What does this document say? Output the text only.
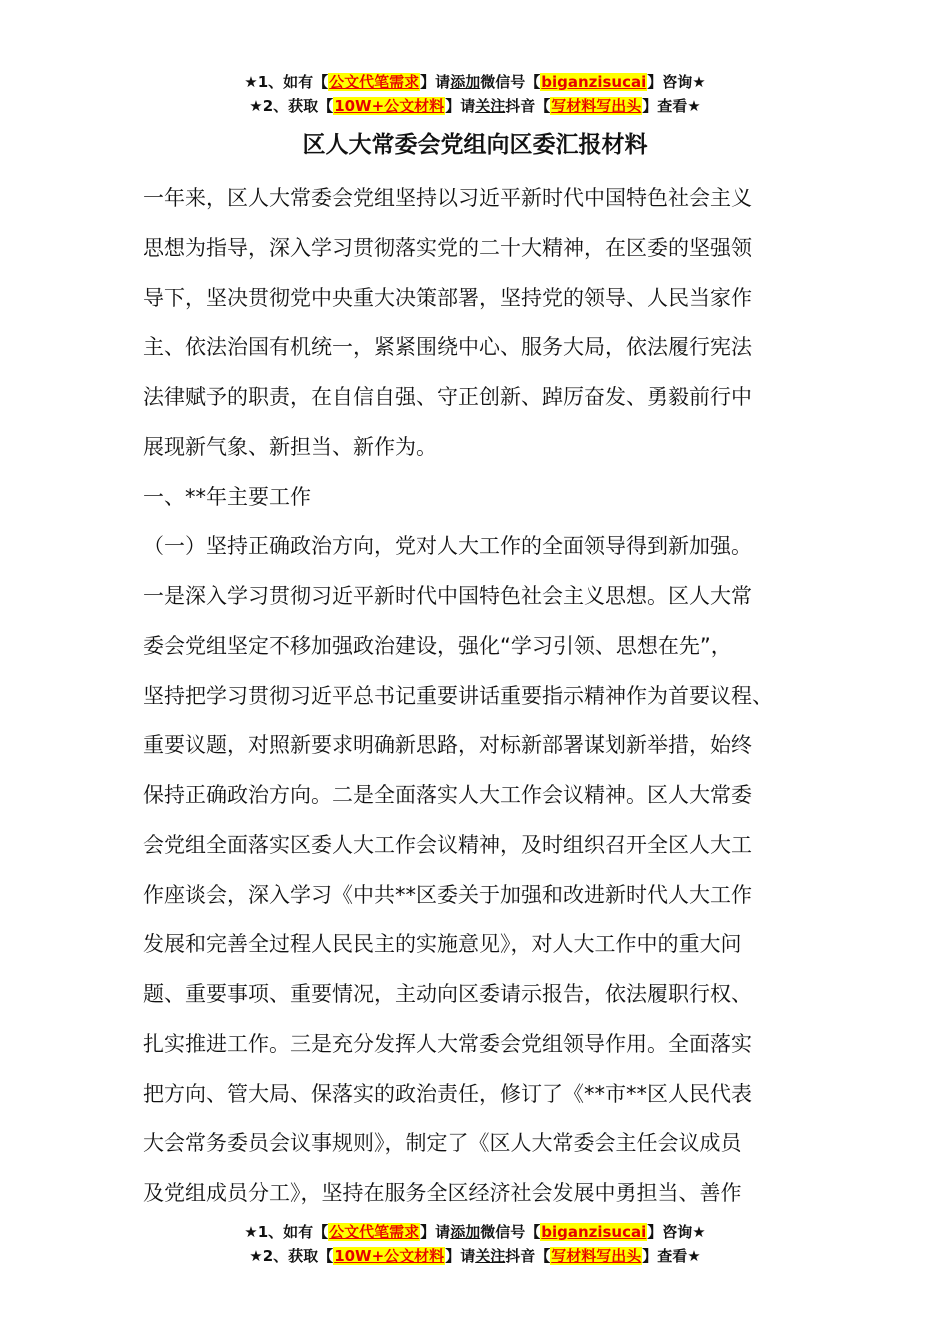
★1、如有【公文代笔需求】请添加微信号【biganzisucai】咨询★
★2、获取【10W+公文材料】请关注抖音【写材料写出头】查看★
区人大常委会党组向区委汇报材料
一年来，区人大常委会党组坚持以习近平新时代中国特色社会主义
思想为指导，深入学习贯彻落实党的二十大精神，在区委的坚强领
导下，坚决贯彻党中央重大决策部署，坚持党的领导、人民当家作
主、依法治国有机统一，紧紧围绕中心、服务大局，依法履行宪法
法律赋予的职责，在自信自强、守正创新、踔厉奋发、勇毅前行中
展现新气象、新担当、新作为。
一、**年主要工作
（一）坚持正确政治方向，党对人大工作的全面领导得到新加强。
一是深入学习贯彻习近平新时代中国特色社会主义思想。区人大常
委会党组坚定不移加强政治建设，强化“学习引领、思想在先”，
坚持把学习贯彻习近平总书记重要讲话重要指示精神作为首要议程、
重要议题，对照新要求明确新思路，对标新部署谋划新举措，始终
保持正确政治方向。二是全面落实人大工作会议精神。区人大常委
会党组全面落实区委人大工作会议精神，及时组织召开全区人大工
作座谈会，深入学习《中共**区委关于加强和改进新时代人大工作
发展和完善全过程人民民主的实施意见》，对人大工作中的重大问
题、重要事项、重要情况，主动向区委请示报告，依法履职行权、
扎实推进工作。三是充分发挥人大常委会党组领导作用。全面落实
把方向、管大局、保落实的政治责任，修订了《**市**区人民代表
大会常务委员会议事规则》，制定了《区人大常委会主任会议成员
及党组成员分工》，坚持在服务全区经济社会发展中勇担当、善作
★1、如有【公文代笔需求】请添加微信号【biganzisucai】咨询★
★2、获取【10W+公文材料】请关注抖音【写材料写出头】查看★
